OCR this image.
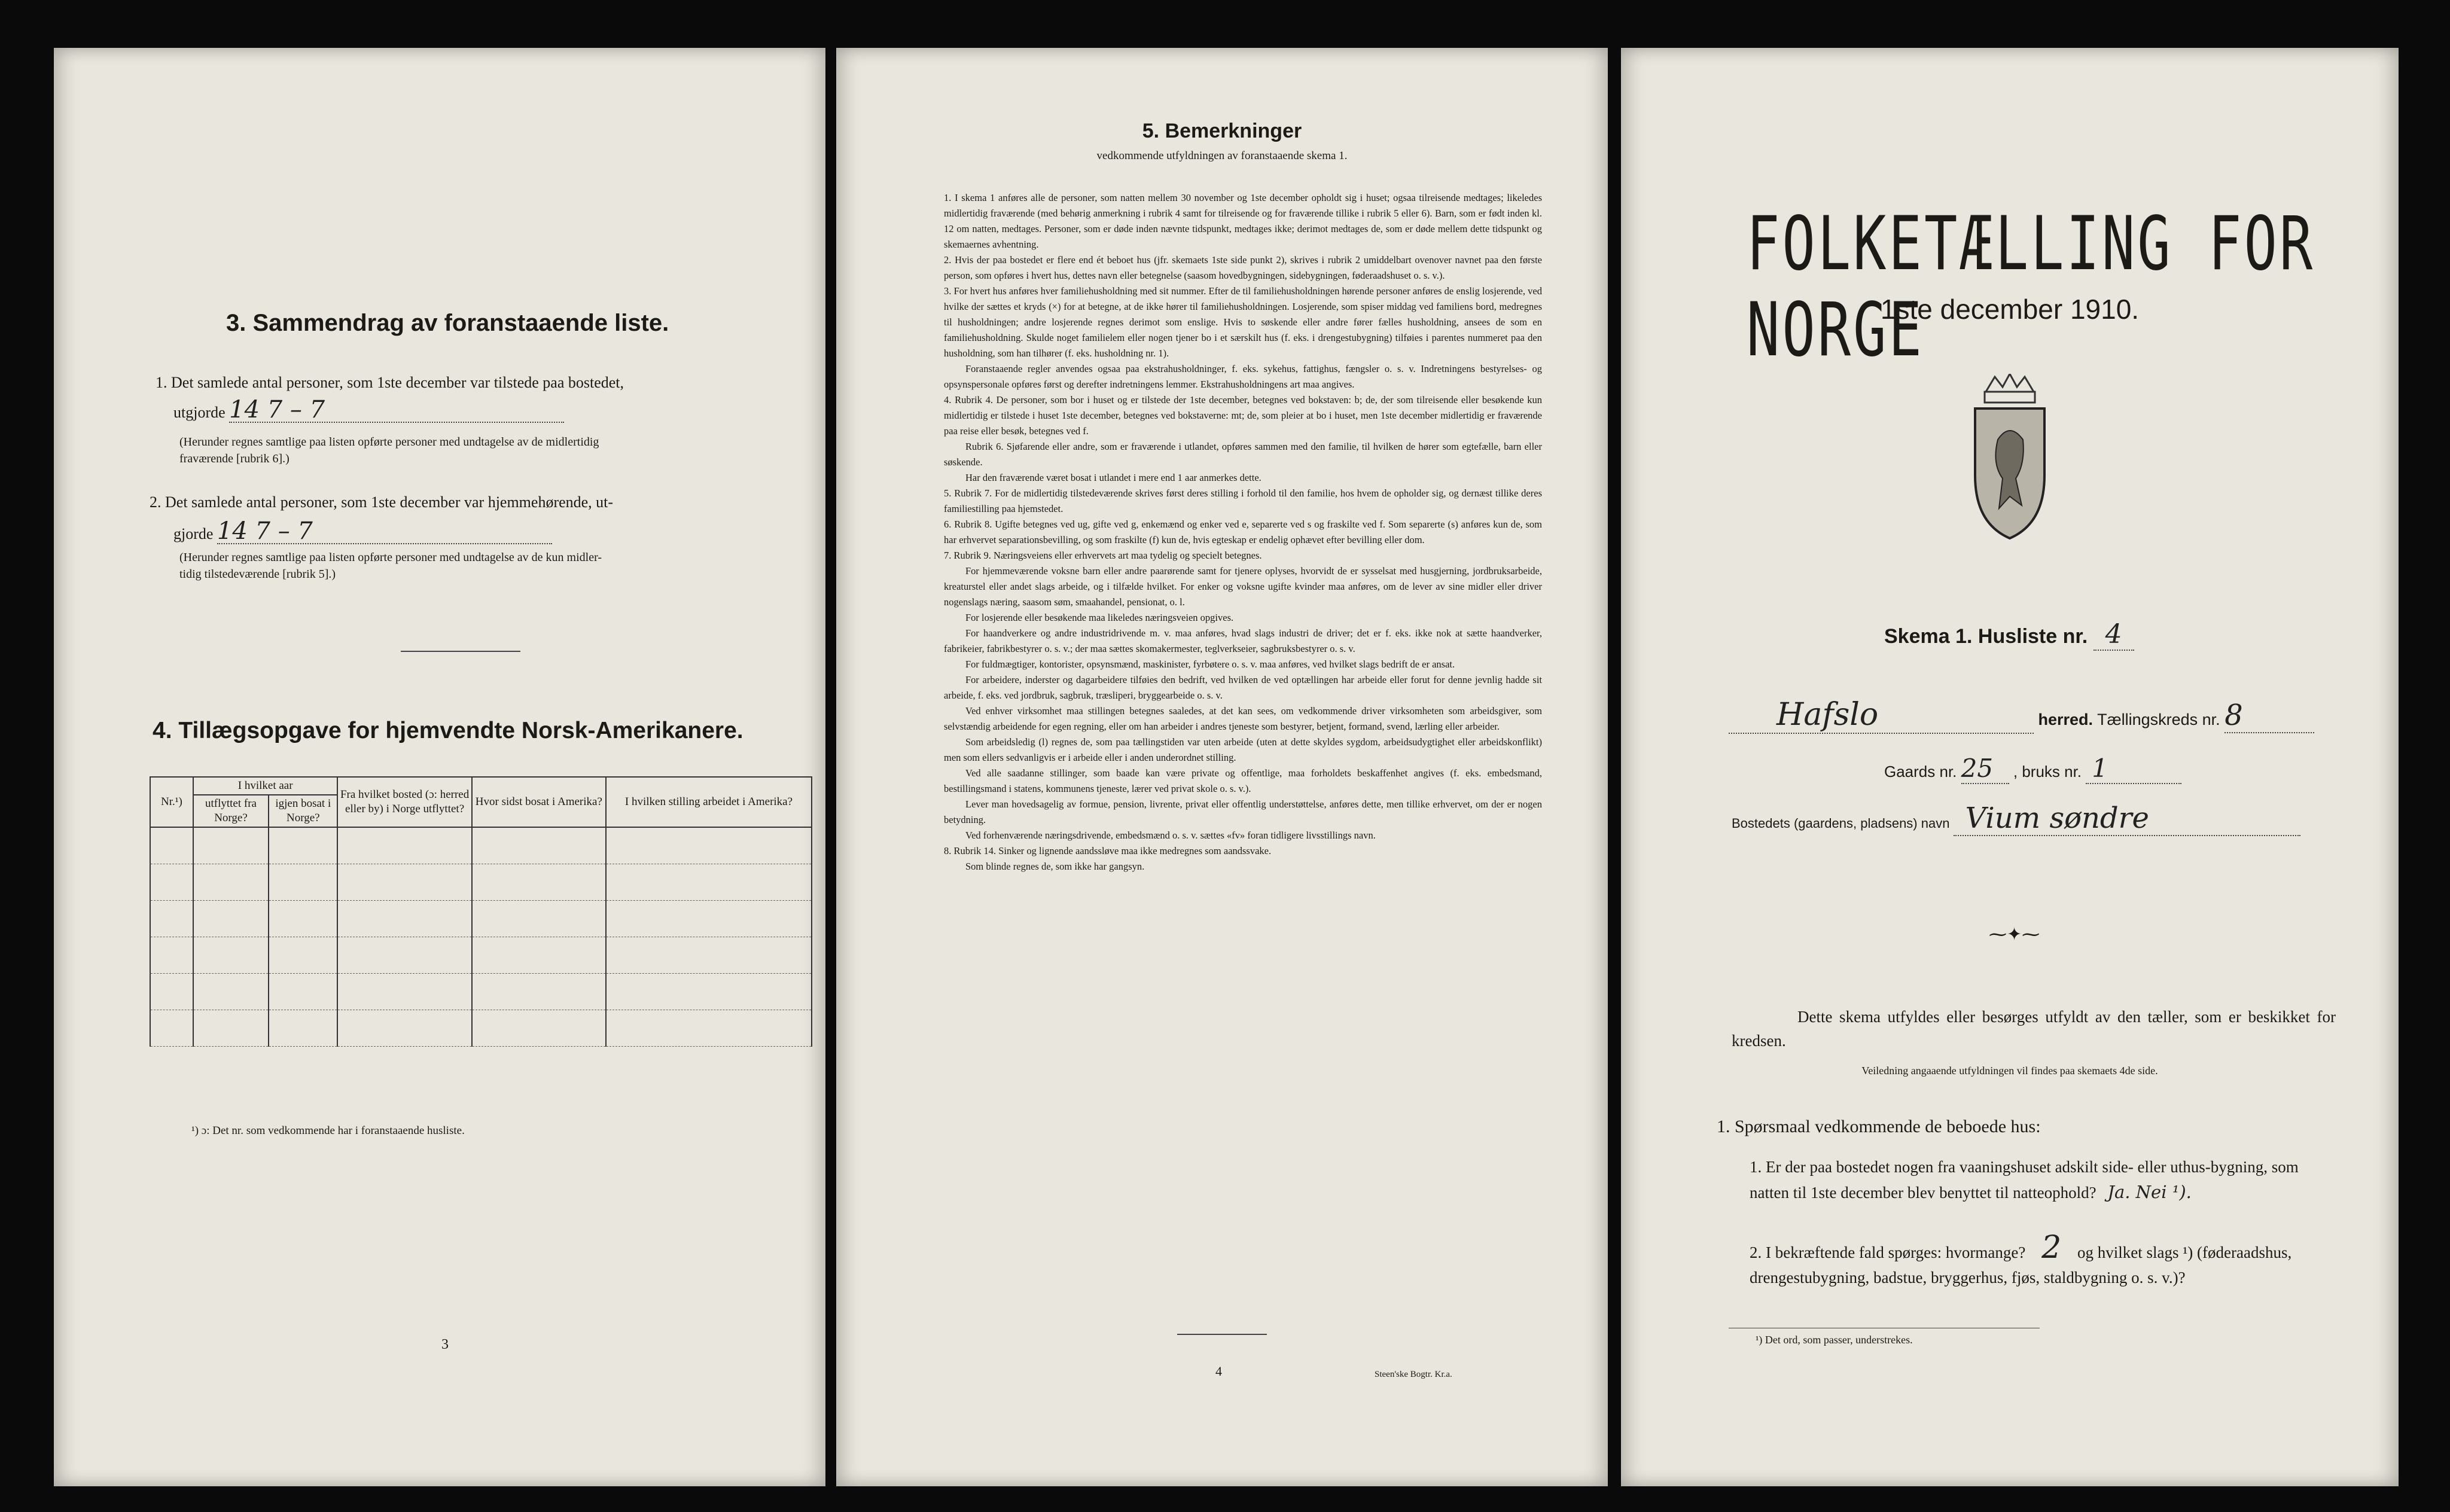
3. Sammendrag av foranstaaende liste.
1. Det samlede antal personer, som 1ste december var tilstede paa bostedet,
utgjorde 14 7 – 7
(Herunder regnes samtlige paa listen opførte personer med undtagelse av de midlertidig
fraværende [rubrik 6].)
2. Det samlede antal personer, som 1ste december var hjemmehørende, ut-
gjorde 14 7 – 7
(Herunder regnes samtlige paa listen opførte personer med undtagelse av de kun midler-
tidig tilstedeværende [rubrik 5].)
4. Tillægsopgave for hjemvendte Norsk-Amerikanere.
Nr.¹)	I hvilket aar		Fra hvilket bosted (ɔ: herred eller by) i Norge utflyttet?	Hvor sidst bosat i Amerika?	I hvilken stilling arbeidet i Amerika?
	utflyttet fra Norge?	igjen bosat i Norge?			

¹) ɔ: Det nr. som vedkommende har i foranstaaende husliste.
3
5. Bemerkninger
vedkommende utfyldningen av foranstaaende skema 1.

1. I skema 1 anføres alle de personer, som natten mellem 30 november og 1ste december opholdt sig i huset; ogsaa tilreisende medtages; likeledes midlertidig fraværende (med behørig anmerkning i rubrik 4 samt for tilreisende og for fraværende tillike i rubrik 5 eller 6). Barn, som er født inden kl. 12 om natten, medtages. Personer, som er døde inden nævnte tidspunkt, medtages ikke; derimot medtages de, som er døde mellem dette tidspunkt og skemaernes avhentning.

2. Hvis der paa bostedet er flere end ét beboet hus (jfr. skemaets 1ste side punkt 2), skrives i rubrik 2 umiddelbart ovenover navnet paa den første person, som opføres i hvert hus, dettes navn eller betegnelse (saasom hovedbygningen, sidebygningen, føderaadshuset o. s. v.).

3. For hvert hus anføres hver familiehusholdning med sit nummer. Efter de til familiehusholdningen hørende personer anføres de enslig losjerende, ved hvilke der sættes et kryds (×) for at betegne, at de ikke hører til familiehusholdningen. Losjerende, som spiser middag ved familiens bord, medregnes til husholdningen; andre losjerende regnes derimot som enslige. Hvis to søskende eller andre fører fælles husholdning, ansees de som en familiehusholdning. Skulde noget familielem eller nogen tjener bo i et særskilt hus (f. eks. i drengestubygning) tilføies i parentes nummeret paa den husholdning, som han tilhører (f. eks. husholdning nr. 1).

Foranstaaende regler anvendes ogsaa paa ekstrahusholdninger, f. eks. sykehus, fattighus, fængsler o. s. v. Indretningens bestyrelses- og opsynspersonale opføres først og derefter indretningens lemmer. Ekstrahusholdningens art maa angives.

4. Rubrik 4. De personer, som bor i huset og er tilstede der 1ste december, betegnes ved bokstaven: b; de, der som tilreisende eller besøkende kun midlertidig er tilstede i huset 1ste december, betegnes ved bokstaverne: mt; de, som pleier at bo i huset, men 1ste december midlertidig er fraværende paa reise eller besøk, betegnes ved f.

Rubrik 6. Sjøfarende eller andre, som er fraværende i utlandet, opføres sammen med den familie, til hvilken de hører som egtefælle, barn eller søskende.

Har den fraværende været bosat i utlandet i mere end 1 aar anmerkes dette.

5. Rubrik 7. For de midlertidig tilstedeværende skrives først deres stilling i forhold til den familie, hos hvem de opholder sig, og dernæst tillike deres familiestilling paa hjemstedet.

6. Rubrik 8. Ugifte betegnes ved ug, gifte ved g, enkemænd og enker ved e, separerte ved s og fraskilte ved f. Som separerte (s) anføres kun de, som har erhvervet separationsbevilling, og som fraskilte (f) kun de, hvis egteskap er endelig ophævet efter bevilling eller dom.

7. Rubrik 9. Næringsveiens eller erhvervets art maa tydelig og specielt betegnes.

For hjemmeværende voksne barn eller andre paarørende samt for tjenere oplyses, hvorvidt de er sysselsat med husgjerning, jordbruksarbeide, kreaturstel eller andet slags arbeide, og i tilfælde hvilket. For enker og voksne ugifte kvinder maa anføres, om de lever av sine midler eller driver nogenslags næring, saasom søm, smaahandel, pensionat, o. l.

For losjerende eller besøkende maa likeledes næringsveien opgives.

For haandverkere og andre industridrivende m. v. maa anføres, hvad slags industri de driver; det er f. eks. ikke nok at sætte haandverker, fabrikeier, fabrikbestyrer o. s. v.; der maa sættes skomakermester, teglverkseier, sagbruksbestyrer o. s. v.

For fuldmægtiger, kontorister, opsynsmænd, maskinister, fyrbøtere o. s. v. maa anføres, ved hvilket slags bedrift de er ansat.

For arbeidere, inderster og dagarbeidere tilføies den bedrift, ved hvilken de ved optællingen har arbeide eller forut for denne jevnlig hadde sit arbeide, f. eks. ved jordbruk, sagbruk, træsliperi, bryggearbeide o. s. v.

Ved enhver virksomhet maa stillingen betegnes saaledes, at det kan sees, om vedkommende driver virksomheten som arbeidsgiver, som selvstændig arbeidende for egen regning, eller om han arbeider i andres tjeneste som bestyrer, betjent, formand, svend, lærling eller arbeider.

Som arbeidsledig (l) regnes de, som paa tællingstiden var uten arbeide (uten at dette skyldes sygdom, arbeidsudygtighet eller arbeidskonflikt) men som ellers sedvanligvis er i arbeide eller i anden underordnet stilling.

Ved alle saadanne stillinger, som baade kan være private og offentlige, maa forholdets beskaffenhet angives (f. eks. embedsmand, bestillingsmand i statens, kommunens tjeneste, lærer ved privat skole o. s. v.).

Lever man hovedsagelig av formue, pension, livrente, privat eller offentlig understøttelse, anføres dette, men tillike erhvervet, om der er nogen betydning.

Ved forhenværende næringsdrivende, embedsmænd o. s. v. sættes «fv» foran tidligere livsstillings navn.

8. Rubrik 14. Sinker og lignende aandssløve maa ikke medregnes som aandssvake.

Som blinde regnes de, som ikke har gangsyn.

4	Steen'ske Bogtr. Kr.a.
FOLKETÆLLING FOR NORGE
1ste december 1910.
Skema 1. Husliste nr. 4
Hafslo	herred. Tællingskreds nr. 8
Gaards nr. 25 , bruks nr. 1
Bostedets (gaardens, pladsens) navn Vium søndre
⁓✦⁓
Dette skema utfyldes eller besørges utfyldt av den tæller, som er beskikket for kredsen.
Veiledning angaaende utfyldningen vil findes paa skemaets 4de side.
1. Spørsmaal vedkommende de beboede hus:
1. Er der paa bostedet nogen fra vaaningshuset adskilt side- eller uthus-bygning, som natten til 1ste december blev benyttet til natteophold? Ja. Nei ¹).
2. I bekræftende fald spørges: hvormange? 2 og hvilket slags ¹) (føderaadshus, drengestubygning, badstue, bryggerhus, fjøs, staldbygning o. s. v.)?
¹) Det ord, som passer, understrekes.
